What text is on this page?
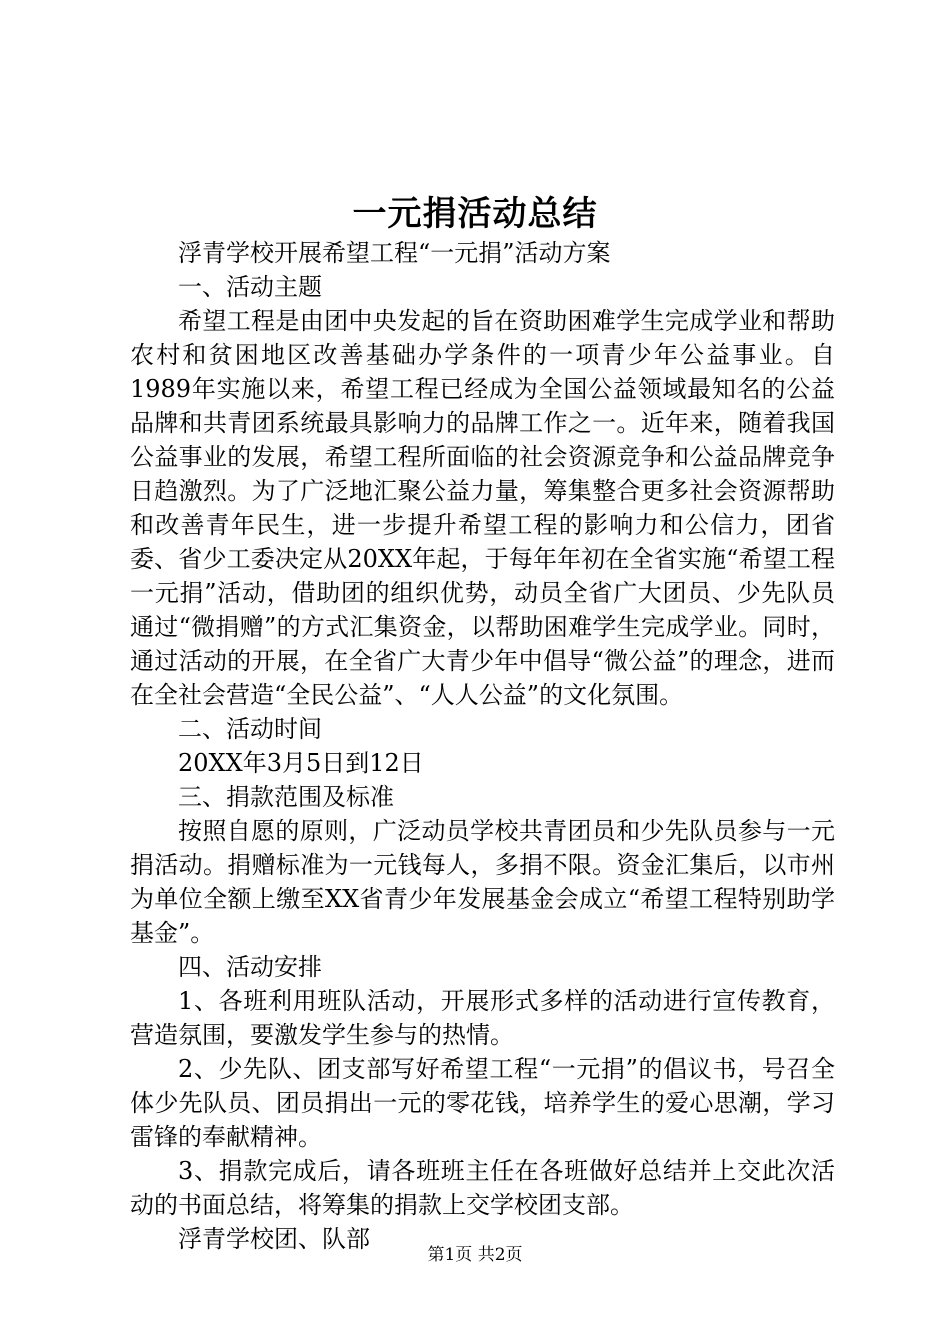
一元捐活动总结

浮青学校开展希望工程“一元捐”活动方案

一、活动主题

希望工程是由团中央发起的旨在资助困难学生完成学业和帮助农村和贫困地区改善基础办学条件的一项青少年公益事业。自1989年实施以来，希望工程已经成为全国公益领域最知名的公益品牌和共青团系统最具影响力的品牌工作之一。近年来，随着我国公益事业的发展，希望工程所面临的社会资源竞争和公益品牌竞争日趋激烈。为了广泛地汇聚公益力量，筹集整合更多社会资源帮助和改善青年民生，进一步提升希望工程的影响力和公信力，团省委、省少工委决定从20XX年起，于每年年初在全省实施“希望工程一元捐”活动，借助团的组织优势，动员全省广大团员、少先队员通过“微捐赠”的方式汇集资金，以帮助困难学生完成学业。同时，通过活动的开展，在全省广大青少年中倡导“微公益”的理念，进而在全社会营造“全民公益”、“人人公益”的文化氛围。

二、活动时间

20XX年3月5日到12日

三、捐款范围及标准

按照自愿的原则，广泛动员学校共青团员和少先队员参与一元捐活动。捐赠标准为一元钱每人，多捐不限。资金汇集后，以市州为单位全额上缴至XX省青少年发展基金会成立“希望工程特别助学基金”。

四、活动安排

1、各班利用班队活动，开展形式多样的活动进行宣传教育，营造氛围，要激发学生参与的热情。

2、少先队、团支部写好希望工程“一元捐”的倡议书，号召全体少先队员、团员捐出一元的零花钱，培养学生的爱心思潮，学习雷锋的奉献精神。

3、捐款完成后，请各班班主任在各班做好总结并上交此次活动的书面总结，将筹集的捐款上交学校团支部。

浮青学校团、队部

第1页 共2页
